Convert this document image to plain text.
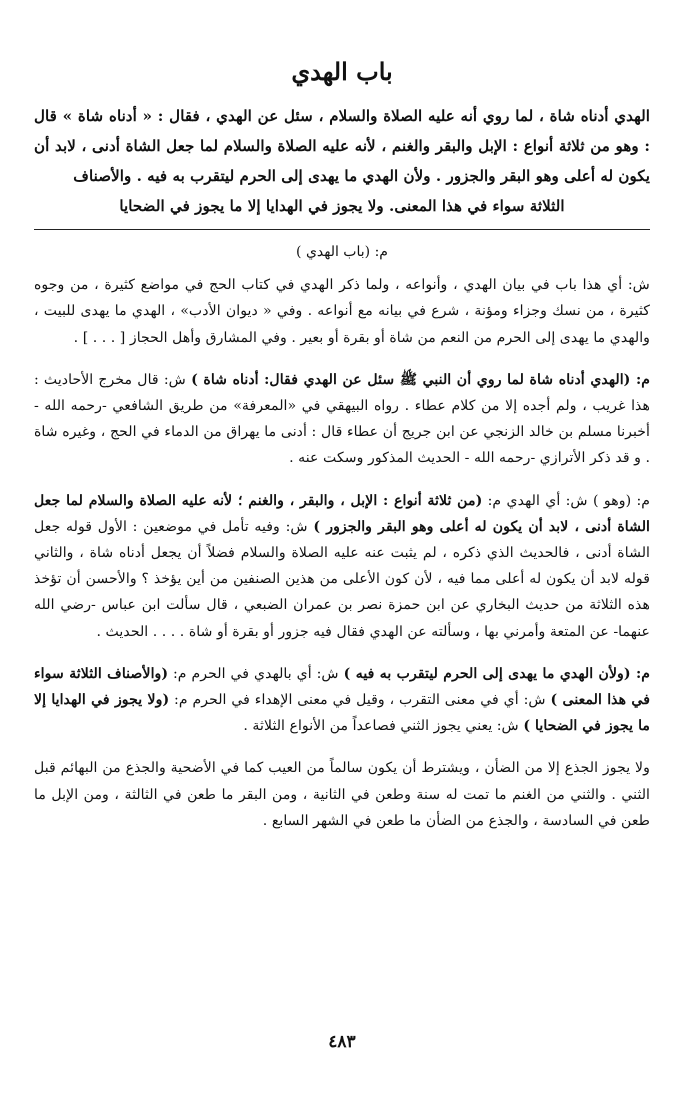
باب الهدي

الهدي أدناه شاة ، لما روي أنه عليه الصلاة والسلام ، سئل عن الهدي ، فقال : « أدناه شاة » قال : وهو من ثلاثة أنواع : الإبل والبقر والغنم ، لأنه عليه الصلاة والسلام لما جعل الشاة أدنى ، لابد أن يكون له أعلى وهو البقر والجزور . ولأن الهدي ما يهدى إلى الحرم ليتقرب به فيه . والأصناف

الثلاثة سواء في هذا المعنى. ولا يجوز في الهدايا إلا ما يجوز في الضحايا

م: (باب الهدي )

ش: أي هذا باب في بيان الهدي ، وأنواعه ، ولما ذكر الهدي في كتاب الحج في مواضع كثيرة ، من وجوه كثيرة ، من نسك وجزاء ومؤنة ، شرع في بيانه مع أنواعه . وفي « ديوان الأدب» ، الهدي ما يهدى للبيت ، والهدي ما يهدى إلى الحرم من النعم من شاة أو بقرة أو بعير . وفي المشارق وأهل الحجاز [ . . . ] .

م: (الهدي أدناه شاة لما روي أن النبي ﷺ سئل عن الهدي فقال: أدناه شاة ) ش: قال مخرج الأحاديث : هذا غريب ، ولم أجده إلا من كلام عطاء . رواه البيهقي في «المعرفة» من طريق الشافعي -رحمه الله - أخبرنا مسلم بن خالد الزنجي عن ابن جريج أن عطاء قال : أدنى ما يهراق من الدماء في الحج ، وغيره شاة . و قد ذكر الأترازي -رحمه الله - الحديث المذكور وسكت عنه .

م: (وهو ) ش: أي الهدي م: (من ثلاثة أنواع : الإبل ، والبقر ، والغنم ؛ لأنه عليه الصلاة والسلام لما جعل الشاة أدنى ، لابد أن يكون له أعلى وهو البقر والجزور ) ش: وفيه تأمل في موضعين : الأول قوله جعل الشاة أدنى ، فالحديث الذي ذكره ، لم يثبت عنه عليه الصلاة والسلام فضلاً أن يجعل أدناه شاة ، والثاني قوله لابد أن يكون له أعلى مما فيه ، لأن كون الأعلى من هذين الصنفين من أين يؤخذ ؟ والأحسن أن تؤخذ هذه الثلاثة من حديث البخاري عن ابن حمزة نصر بن عمران الضبعي ، قال سألت ابن عباس -رضي الله عنهما- عن المتعة وأمرني بها ، وسألته عن الهدي فقال فيه جزور أو بقرة أو شاة . . . . الحديث .

م: (ولأن الهدي ما يهدى إلى الحرم ليتقرب به فيه ) ش: أي بالهدي في الحرم م: (والأصناف الثلاثة سواء في هذا المعنى ) ش: أي في معنى التقرب ، وقيل في معنى الإهداء في الحرم م: (ولا يجوز في الهدايا إلا ما يجوز في الضحايا ) ش: يعني يجوز الثني فصاعداً من الأنواع الثلاثة .

ولا يجوز الجذع إلا من الضأن ، ويشترط أن يكون سالماً من العيب كما في الأضحية والجذع من البهائم قبل الثني . والثني من الغنم ما تمت له سنة وطعن في الثانية ، ومن البقر ما طعن في الثالثة ، ومن الإبل ما طعن في السادسة ، والجذع من الضأن ما طعن في الشهر السابع .

٤٨٣
